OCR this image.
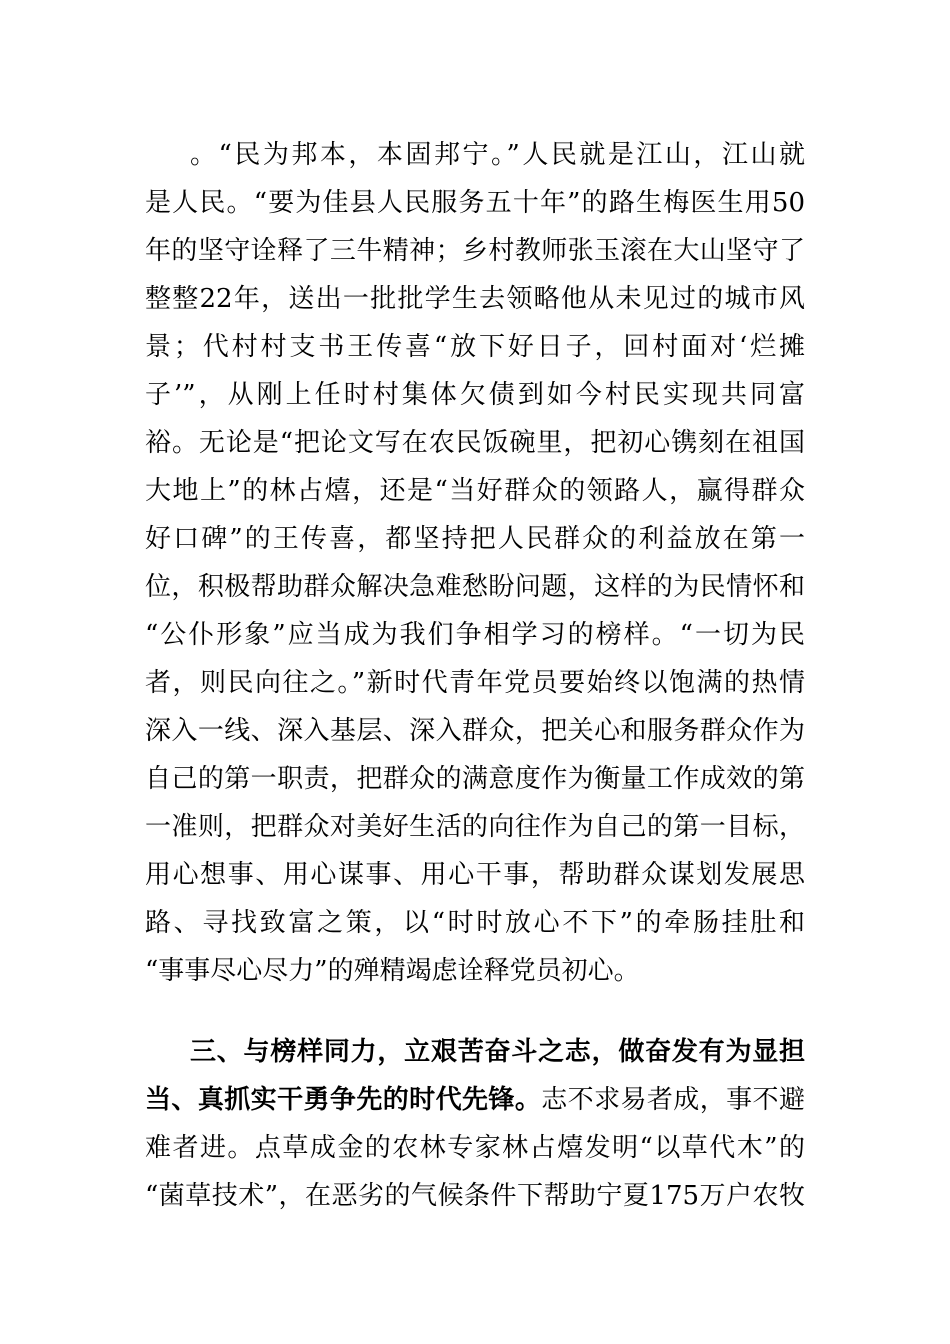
。“民为邦本，本固邦宁。”人民就是江山，江山就
是人民。“要为佳县人民服务五十年”的路生梅医生用50
年的坚守诠释了三牛精神；乡村教师张玉滚在大山坚守了
整整22年，送出一批批学生去领略他从未见过的城市风
景；代村村支书王传喜“放下好日子，回村面对‘烂摊
子’”，从刚上任时村集体欠债到如今村民实现共同富
裕。无论是“把论文写在农民饭碗里，把初心镌刻在祖国
大地上”的林占熺，还是“当好群众的领路人，赢得群众
好口碑”的王传喜，都坚持把人民群众的利益放在第一
位，积极帮助群众解决急难愁盼问题，这样的为民情怀和
“公仆形象”应当成为我们争相学习的榜样。“一切为民
者，则民向往之。”新时代青年党员要始终以饱满的热情
深入一线、深入基层、深入群众，把关心和服务群众作为
自己的第一职责，把群众的满意度作为衡量工作成效的第
一准则，把群众对美好生活的向往作为自己的第一目标，
用心想事、用心谋事、用心干事，帮助群众谋划发展思
路、寻找致富之策，以“时时放心不下”的牵肠挂肚和
“事事尽心尽力”的殚精竭虑诠释党员初心。
三、与榜样同力，立艰苦奋斗之志，做奋发有为显担
当、真抓实干勇争先的时代先锋。志不求易者成，事不避
难者进。点草成金的农林专家林占熺发明“以草代木”的
“菌草技术”，在恶劣的气候条件下帮助宁夏175万户农牧
